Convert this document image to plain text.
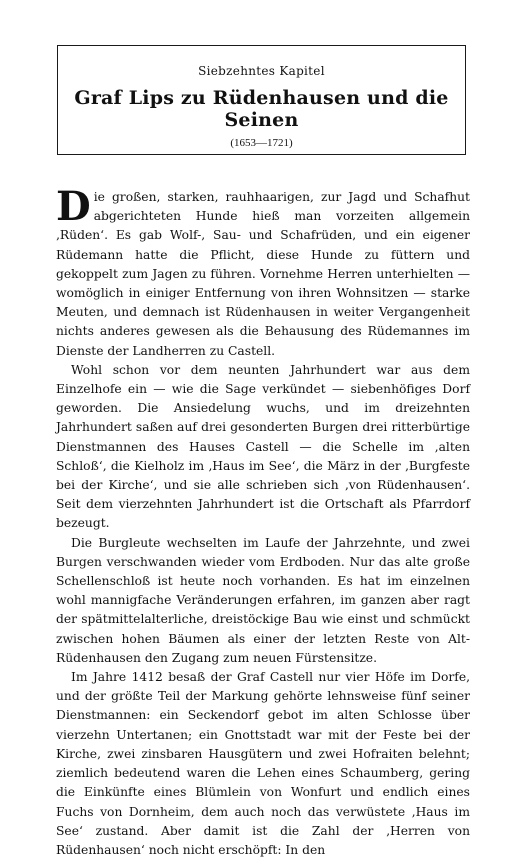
Siebzehntes Kapitel
Graf Lips zu Rüdenhausen und die Seinen
(1653—1721)

Die großen, starken, rauhhaarigen, zur Jagd und Schafhut abgerichteten Hunde hieß man vorzeiten allgemein ‚Rüden‘. Es gab Wolf-, Sau- und Schafrüden, und ein eigener Rüdemann hatte die Pflicht, diese Hunde zu füttern und gekoppelt zum Jagen zu führen. Vornehme Herren unterhielten — womöglich in einiger Entfernung von ihren Wohnsitzen — starke Meuten, und demnach ist Rüdenhausen in weiter Vergangenheit nichts anderes gewesen als die Behausung des Rüdemannes im Dienste der Landherren zu Castell.

Wohl schon vor dem neunten Jahrhundert war aus dem Einzelhofe ein — wie die Sage verkündet — siebenhöfiges Dorf geworden. Die Ansiedelung wuchs, und im dreizehnten Jahrhundert saßen auf drei gesonderten Burgen drei ritterbürtige Dienstmannen des Hauses Castell — die Schelle im ‚alten Schloß‘, die Kielholz im ‚Haus im See‘, die März in der ‚Burgfeste bei der Kirche‘, und sie alle schrieben sich ‚von Rüdenhausen‘. Seit dem vierzehnten Jahrhundert ist die Ortschaft als Pfarrdorf bezeugt.

Die Burgleute wechselten im Laufe der Jahrzehnte, und zwei Burgen verschwanden wieder vom Erdboden. Nur das alte große Schellenschloß ist heute noch vorhanden. Es hat im einzelnen wohl mannigfache Veränderungen erfahren, im ganzen aber ragt der spätmittelalterliche, dreistöckige Bau wie einst und schmückt zwischen hohen Bäumen als einer der letzten Reste von Alt-Rüdenhausen den Zugang zum neuen Fürstensitze.

Im Jahre 1412 besaß der Graf Castell nur vier Höfe im Dorfe, und der größte Teil der Markung gehörte lehnsweise fünf seiner Dienstmannen: ein Seckendorf gebot im alten Schlosse über vierzehn Untertanen; ein Gnottstadt war mit der Feste bei der Kirche, zwei zinsbaren Hausgütern und zwei Hofraiten belehnt; ziemlich bedeutend waren die Lehen eines Schaumberg, gering die Einkünfte eines Blümlein von Wonfurt und endlich eines Fuchs von Dornheim, dem auch noch das verwüstete ‚Haus im See‘ zustand. Aber damit ist die Zahl der ‚Herren von Rüdenhausen‘ noch nicht erschöpft: In den
